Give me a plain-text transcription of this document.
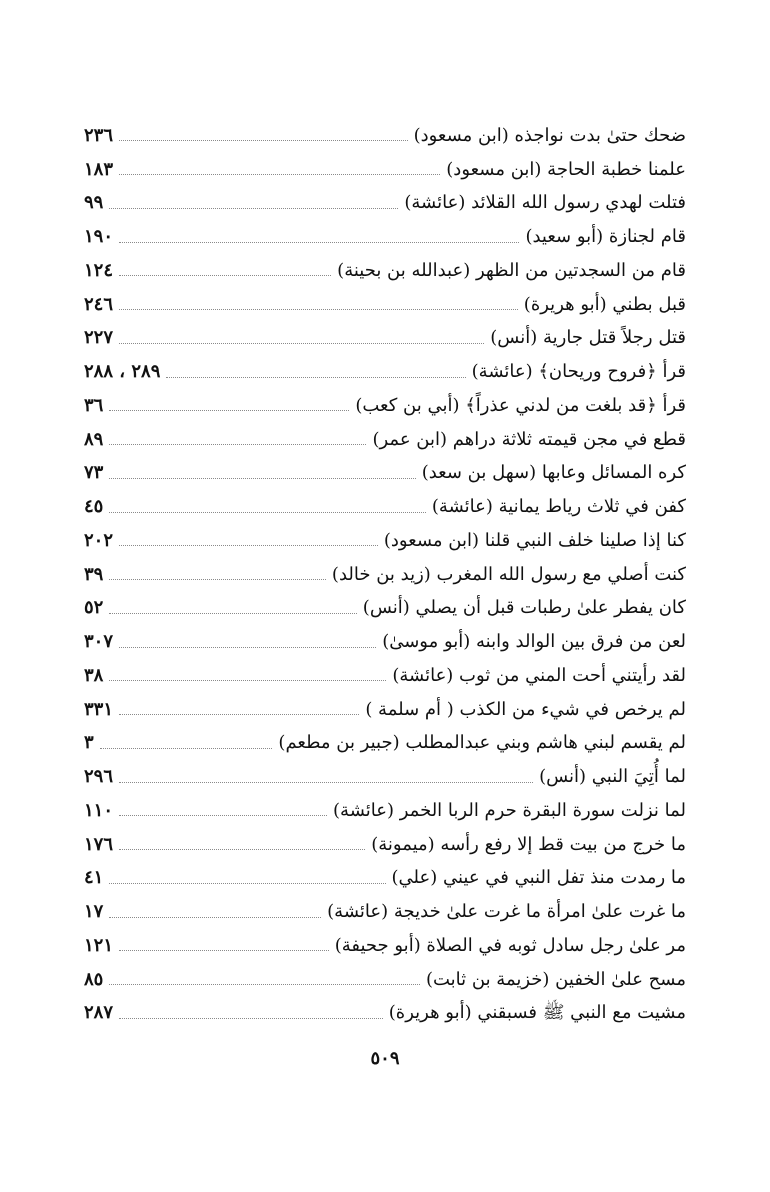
ضحك حتىٰ بدت نواجذه (ابن مسعود)
٢٣٦
علمنا خطبة الحاجة (ابن مسعود)
١٨٣
فتلت لهدي رسول الله القلائد (عائشة)
٩٩
قام لجنازة (أبو سعيد)
١٩٠
قام من السجدتين من الظهر (عبدالله بن بحينة)
١٢٤
قبل بطني (أبو هريرة)
٢٤٦
قتل رجلاً قتل جارية (أنس)
٢٢٧
قرأ ﴿فروح وريحان﴾ (عائشة)
٢٨٩ ، ٢٨٨
قرأ ﴿قد بلغت من لدني عذراً﴾ (أبي بن كعب)
٣٦
قطع في مجن قيمته ثلاثة دراهم (ابن عمر)
٨٩
كره المسائل وعابها (سهل بن سعد)
٧٣
كفن في ثلاث رياط يمانية (عائشة)
٤٥
كنا إذا صلينا خلف النبي قلنا (ابن مسعود)
٢٠٢
كنت أصلي مع رسول الله المغرب (زيد بن خالد)
٣٩
كان يفطر علىٰ رطبات قبل أن يصلي (أنس)
٥٢
لعن من فرق بين الوالد وابنه (أبو موسىٰ)
٣٠٧
لقد رأيتني أحت المني من ثوب (عائشة)
٣٨
لم يرخص في شيء من الكذب ( أم سلمة )
٣٣١
لم يقسم لبني هاشم وبني عبدالمطلب (جبير بن مطعم)
٣
لما أُتِيَ النبي (أنس)
٢٩٦
لما نزلت سورة البقرة حرم الربا الخمر (عائشة)
١١٠
ما خرج من بيت قط إلا رفع رأسه (ميمونة)
١٧٦
ما رمدت منذ تفل النبي في عيني (علي)
٤١
ما غرت علىٰ امرأة ما غرت علىٰ خديجة (عائشة)
١٧
مر علىٰ رجل سادل ثوبه في الصلاة (أبو جحيفة)
١٢١
مسح علىٰ الخفين (خزيمة بن ثابت)
٨٥
مشيت مع النبي ﷺ فسبقني (أبو هريرة)
٢٨٧
٥٠٩
